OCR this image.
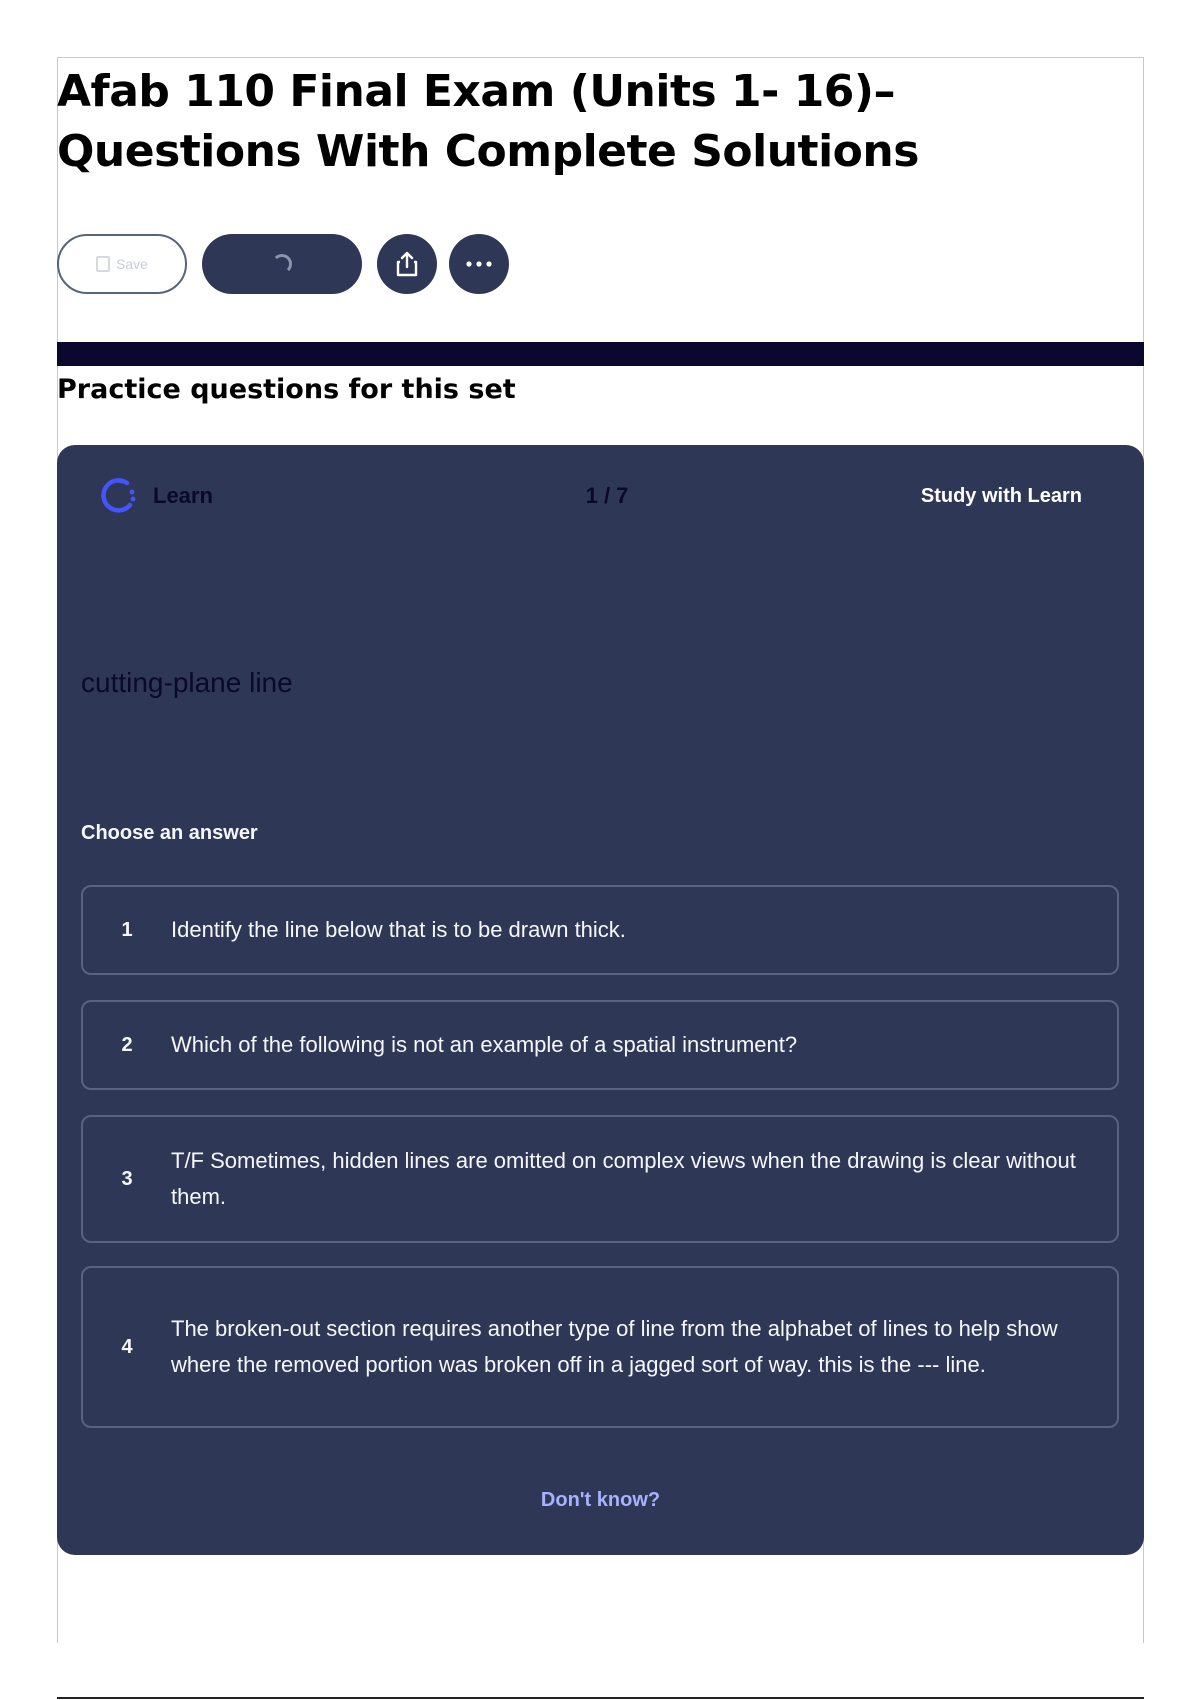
Afab 110 Final Exam (Units 1- 16)– Questions With Complete Solutions
Save
Practice questions for this set
Learn	1 / 7	Study with Learn
cutting-plane line
Choose an answer
1	Identify the line below that is to be drawn thick.
2	Which of the following is not an example of a spatial instrument?
3
T/F Sometimes, hidden lines are omitted on complex views when the drawing is clear without them.
4
The broken-out section requires another type of line from the alphabet of lines to help show where the removed portion was broken off in a jagged sort of way. this is the --- line.
Don't know?
